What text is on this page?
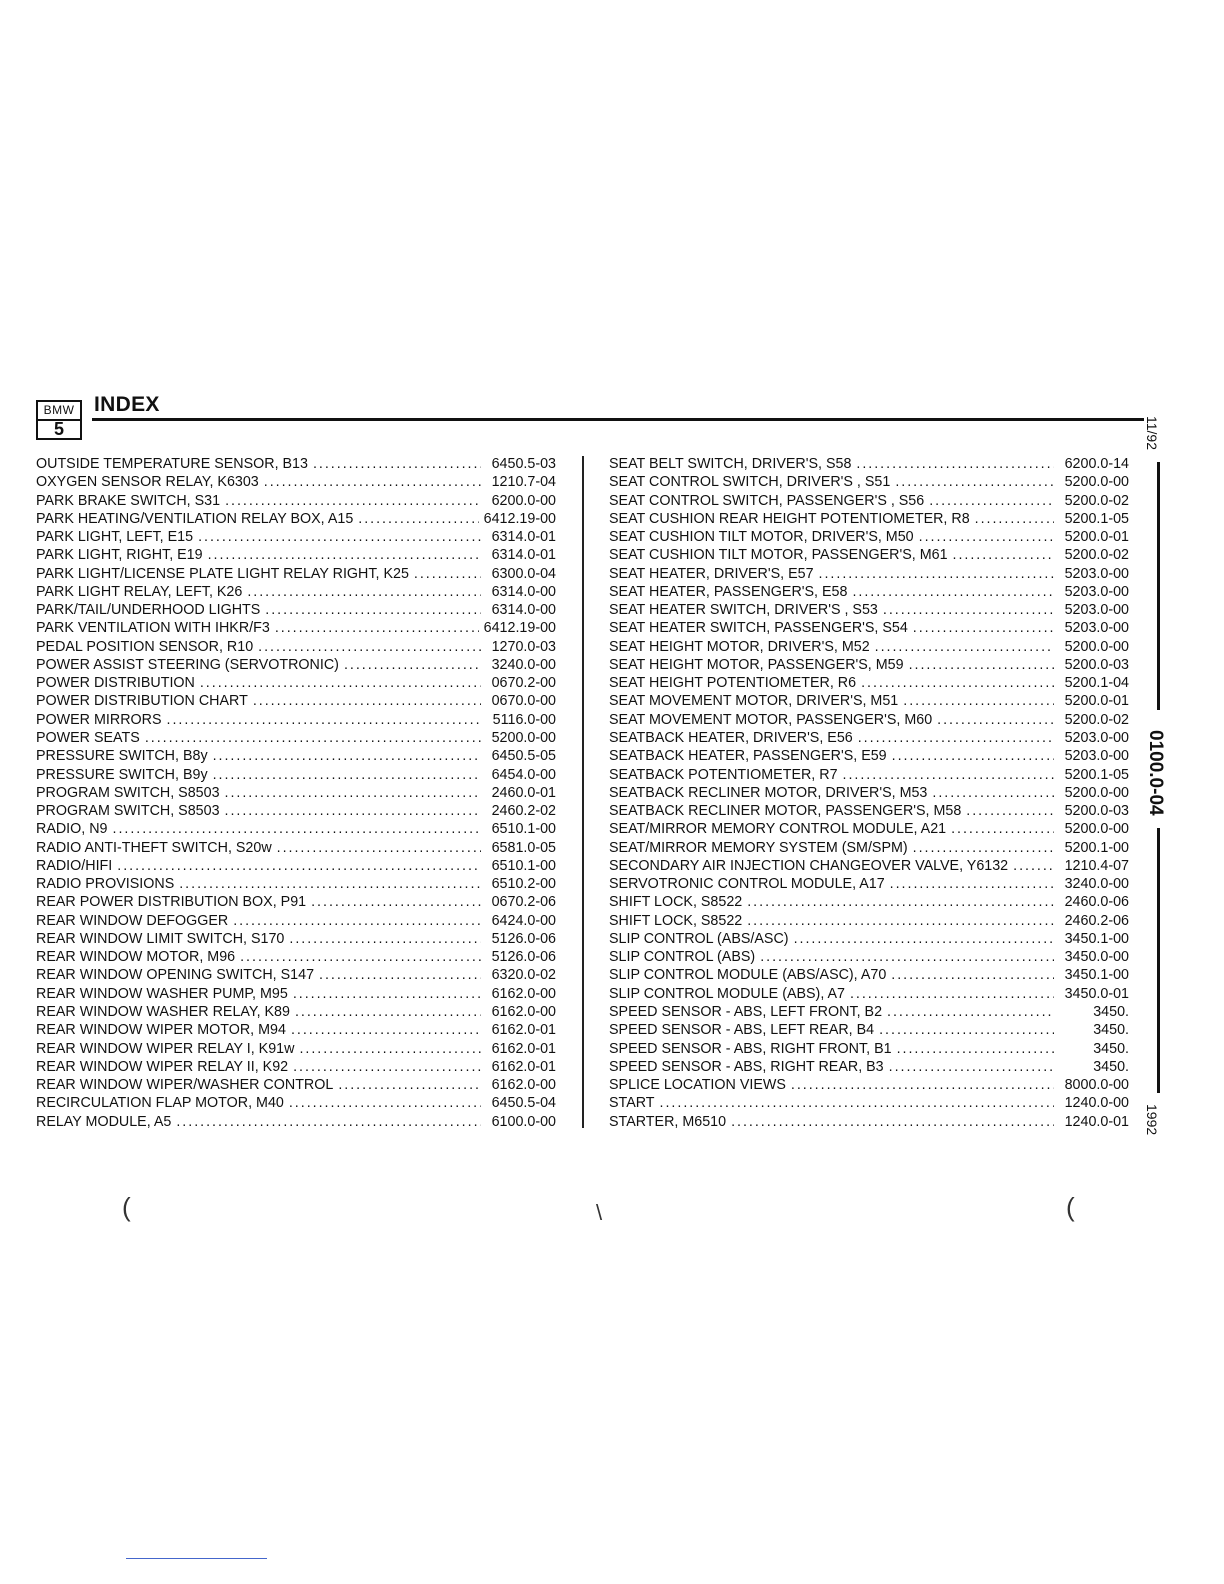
BMW
5
INDEX
OUTSIDE TEMPERATURE SENSOR, B13 . . .	6450.5-03
OXYGEN SENSOR RELAY, K6303 . . .	1210.7-04
PARK BRAKE SWITCH, S31 . . .	6200.0-00
PARK HEATING/VENTILATION RELAY BOX, A15 . . .	6412.19-00
PARK LIGHT, LEFT, E15 . . .	6314.0-01
PARK LIGHT, RIGHT, E19 . . .	6314.0-01
PARK LIGHT/LICENSE PLATE LIGHT RELAY RIGHT, K25 . . .	6300.0-04
PARK LIGHT RELAY, LEFT, K26 . . .	6314.0-00
PARK/TAIL/UNDERHOOD LIGHTS . . .	6314.0-00
PARK VENTILATION WITH IHKR/F3 . . .	6412.19-00
PEDAL POSITION SENSOR, R10 . . .	1270.0-03
POWER ASSIST STEERING (SERVOTRONIC) . . .	3240.0-00
POWER DISTRIBUTION . . .	0670.2-00
POWER DISTRIBUTION CHART . . .	0670.0-00
POWER MIRRORS . . .	5116.0-00
POWER SEATS . . .	5200.0-00
PRESSURE SWITCH, B8y . . .	6450.5-05
PRESSURE SWITCH, B9y . . .	6454.0-00
PROGRAM SWITCH, S8503 . . .	2460.0-01
PROGRAM SWITCH, S8503 . . .	2460.2-02
RADIO, N9 . . .	6510.1-00
RADIO ANTI-THEFT SWITCH, S20w . . .	6581.0-05
RADIO/HIFI . . .	6510.1-00
RADIO PROVISIONS . . .	6510.2-00
REAR POWER DISTRIBUTION BOX, P91 . . .	0670.2-06
REAR WINDOW DEFOGGER . . .	6424.0-00
REAR WINDOW LIMIT SWITCH, S170 . . .	5126.0-06
REAR WINDOW MOTOR, M96 . . .	5126.0-06
REAR WINDOW OPENING SWITCH, S147 . . .	6320.0-02
REAR WINDOW WASHER PUMP, M95 . . .	6162.0-00
REAR WINDOW WASHER RELAY, K89 . . .	6162.0-00
REAR WINDOW WIPER MOTOR, M94 . . .	6162.0-01
REAR WINDOW WIPER RELAY I, K91w . . .	6162.0-01
REAR WINDOW WIPER RELAY II, K92 . . .	6162.0-01
REAR WINDOW WIPER/WASHER CONTROL . . .	6162.0-00
RECIRCULATION FLAP MOTOR, M40 . . .	6450.5-04
RELAY MODULE, A5 . . .	6100.0-00
SEAT BELT SWITCH, DRIVER'S, S58 . . .	6200.0-14
SEAT CONTROL SWITCH, DRIVER'S , S51 . . .	5200.0-00
SEAT CONTROL SWITCH, PASSENGER'S , S56 . . .	5200.0-02
SEAT CUSHION REAR HEIGHT POTENTIOMETER, R8 . . .	5200.1-05
SEAT CUSHION TILT MOTOR, DRIVER'S, M50 . . .	5200.0-01
SEAT CUSHION TILT MOTOR, PASSENGER'S, M61 . . .	5200.0-02
SEAT HEATER, DRIVER'S, E57 . . .	5203.0-00
SEAT HEATER, PASSENGER'S, E58 . . .	5203.0-00
SEAT HEATER SWITCH, DRIVER'S , S53 . . .	5203.0-00
SEAT HEATER SWITCH, PASSENGER'S, S54 . . .	5203.0-00
SEAT HEIGHT MOTOR, DRIVER'S, M52 . . .	5200.0-00
SEAT HEIGHT MOTOR, PASSENGER'S, M59 . . .	5200.0-03
SEAT HEIGHT POTENTIOMETER, R6 . . .	5200.1-04
SEAT MOVEMENT MOTOR, DRIVER'S, M51 . . .	5200.0-01
SEAT MOVEMENT MOTOR, PASSENGER'S, M60 . . .	5200.0-02
SEATBACK HEATER, DRIVER'S, E56 . . .	5203.0-00
SEATBACK HEATER, PASSENGER'S, E59 . . .	5203.0-00
SEATBACK POTENTIOMETER, R7 . . .	5200.1-05
SEATBACK RECLINER MOTOR, DRIVER'S, M53 . . .	5200.0-00
SEATBACK RECLINER MOTOR, PASSENGER'S, M58 . . .	5200.0-03
SEAT/MIRROR MEMORY CONTROL MODULE, A21 . . .	5200.0-00
SEAT/MIRROR MEMORY SYSTEM (SM/SPM) . . .	5200.1-00
SECONDARY AIR INJECTION CHANGEOVER VALVE, Y6132 . . .	1210.4-07
SERVOTRONIC CONTROL MODULE, A17 . . .	3240.0-00
SHIFT LOCK, S8522 . . .	2460.0-06
SHIFT LOCK, S8522 . . .	2460.2-06
SLIP CONTROL (ABS/ASC) . . .	3450.1-00
SLIP CONTROL (ABS) . . .	3450.0-00
SLIP CONTROL MODULE (ABS/ASC), A70 . . .	3450.1-00
SLIP CONTROL MODULE (ABS), A7 . . .	3450.0-01
SPEED SENSOR - ABS, LEFT FRONT, B2 . . .	3450.
SPEED SENSOR - ABS, LEFT REAR, B4 . . .	3450.
SPEED SENSOR - ABS, RIGHT FRONT, B1 . . .	3450.
SPEED SENSOR - ABS, RIGHT REAR, B3 . . .	3450.
SPLICE LOCATION VIEWS . . .	8000.0-00
START . . .	1240.0-00
STARTER, M6510 . . .	1240.0-01
11/92
0100.0-04
1992
(	\	(
